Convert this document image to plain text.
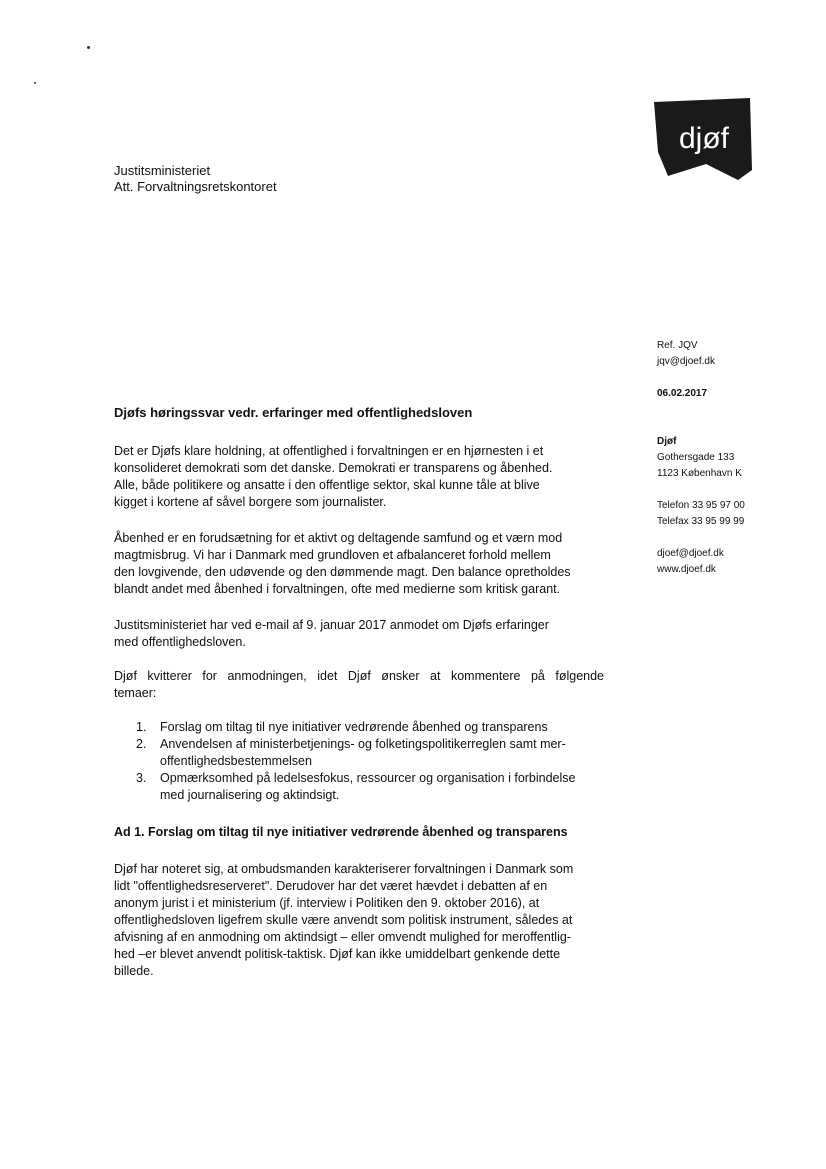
djøf
Justitsministeriet
Att. Forvaltningsretskontoret
Ref. JQV
jqv@djoef.dk
06.02.2017
Djøf
Gothersgade 133
1123 København K
Telefon 33 95 97 00
Telefax 33 95 99 99
djoef@djoef.dk
www.djoef.dk
Djøfs høringssvar vedr. erfaringer med offentlighedsloven

Det er Djøfs klare holdning, at offentlighed i forvaltningen er en hjørnesten i et

konsolideret demokrati som det danske. Demokrati er transparens og åbenhed.

Alle, både politikere og ansatte i den offentlige sektor, skal kunne tåle at blive

kigget i kortene af såvel borgere som journalister.

Åbenhed er en forudsætning for et aktivt og deltagende samfund og et værn mod

magtmisbrug. Vi har i Danmark med grundloven et afbalanceret forhold mellem

den lovgivende, den udøvende og den dømmende magt. Den balance opretholdes

blandt andet med åbenhed i forvaltningen, ofte med medierne som kritisk garant.

Justitsministeriet har ved e-mail af 9. januar 2017 anmodet om Djøfs erfaringer

med offentlighedsloven.

Djøf kvitterer for anmodningen, idet Djøf ønsker at kommentere på følgende

temaer:

1. Forslag om tiltag til nye initiativer vedrørende åbenhed og transparens
2. Anvendelsen af ministerbetjenings- og folketingspolitikerreglen samt mer-
offentlighedsbestemmelsen
3. Opmærksomhed på ledelsesfokus, ressourcer og organisation i forbindelse
med journalisering og aktindsigt.
Ad 1. Forslag om tiltag til nye initiativer vedrørende åbenhed og transparens

Djøf har noteret sig, at ombudsmanden karakteriserer forvaltningen i Danmark som

lidt "offentlighedsreserveret". Derudover har det været hævdet i debatten af en

anonym jurist i et ministerium (jf. interview i Politiken den 9. oktober 2016), at

offentlighedsloven ligefrem skulle være anvendt som politisk instrument, således at

afvisning af en anmodning om aktindsigt – eller omvendt mulighed for meroffentlig-

hed –er blevet anvendt politisk-taktisk. Djøf kan ikke umiddelbart genkende dette

billede.
